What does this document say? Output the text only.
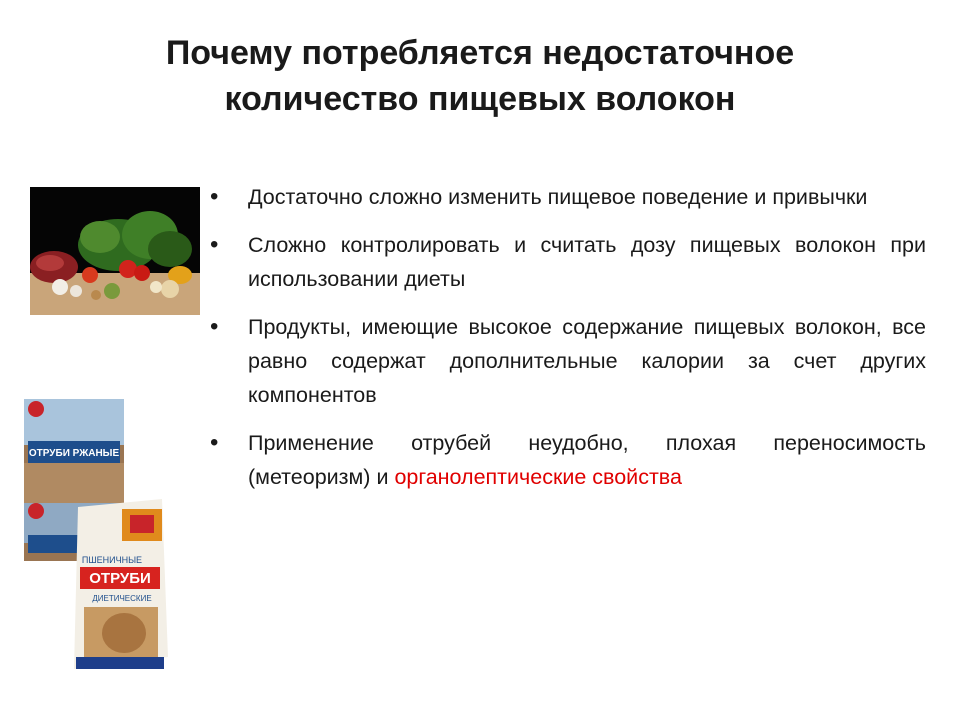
Почему потребляется недостаточное
количество пищевых волокон
ОТРУБИ РЖАНЫЕ
ПШЕНИЧНЫЕ
ОТРУБИ
ДИЕТИЧЕСКИЕ
• Достаточно сложно изменить пищевое поведение и привычки
• Сложно контролировать и считать дозу пищевых волокон при использовании диеты
• Продукты, имеющие высокое содержание пищевых волокон, все равно содержат дополнительные калории за счет других компонентов
• Применение отрубей неудобно, плохая переносимость (метеоризм) и органолептические свойства
